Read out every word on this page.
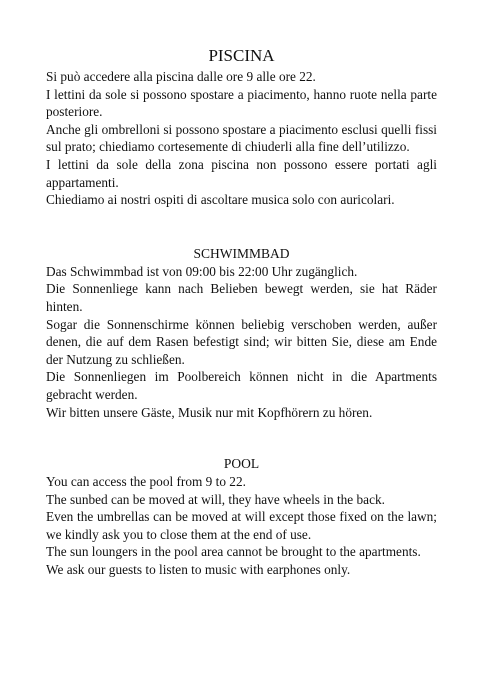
PISCINA

Si può accedere alla piscina dalle ore 9 alle ore 22.

I lettini da sole si possono spostare a piacimento, hanno ruote nella parte posteriore.

Anche gli ombrelloni si possono spostare a piacimento esclusi quelli fissi sul prato; chiediamo cortesemente di chiuderli alla fine dell’utilizzo.

I lettini da sole della zona piscina non possono essere portati agli appartamenti.

Chiediamo ai nostri ospiti di ascoltare musica solo con auricolari.

SCHWIMMBAD

Das Schwimmbad ist von 09:00 bis 22:00 Uhr zugänglich.

Die Sonnenliege kann nach Belieben bewegt werden, sie hat Räder hinten.

Sogar die Sonnenschirme können beliebig verschoben werden, außer denen, die auf dem Rasen befestigt sind; wir bitten Sie, diese am Ende der Nutzung zu schließen.

Die Sonnenliegen im Poolbereich können nicht in die Apartments gebracht werden.

Wir bitten unsere Gäste, Musik nur mit Kopfhörern zu hören.

POOL

You can access the pool from 9 to 22.

The sunbed can be moved at will, they have wheels in the back.

Even the umbrellas can be moved at will except those fixed on the lawn; we kindly ask you to close them at the end of use.

The sun loungers in the pool area cannot be brought to the apartments.

We ask our guests to listen to music with earphones only.
